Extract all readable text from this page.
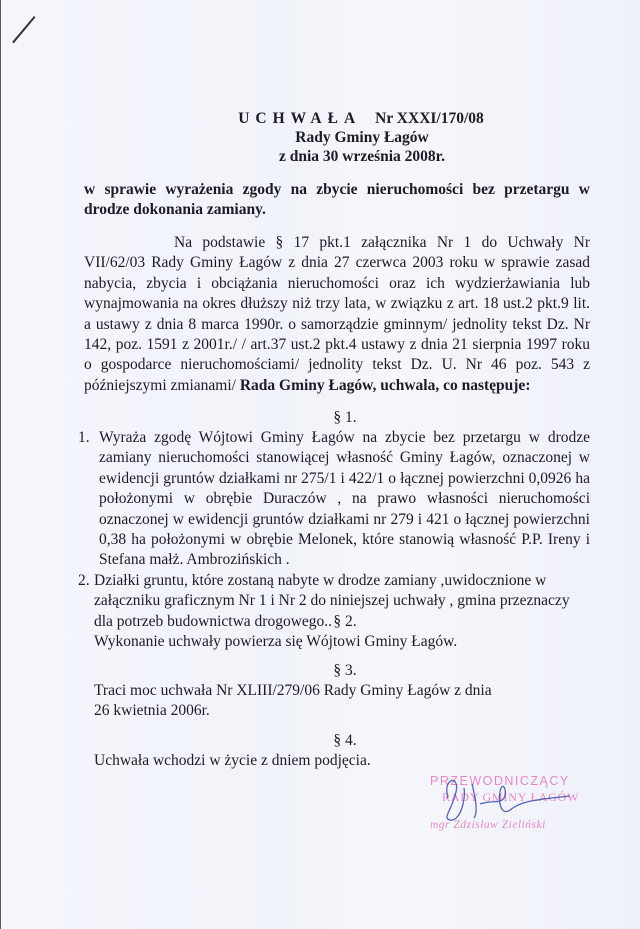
UCHWAŁA Nr XXXI/170/08
Rady Gminy Łagów
z dnia 30 września 2008r.
w sprawie wyrażenia zgody na zbycie nieruchomości bez przetargu w drodze dokonania zamiany.
Na podstawie § 17 pkt.1 załącznika Nr 1 do Uchwały Nr VII/62/03 Rady Gminy Łagów z dnia 27 czerwca 2003 roku w sprawie zasad nabycia, zbycia i obciążania nieruchomości oraz ich wydzierżawiania lub wynajmowania na okres dłuższy niż trzy lata, w związku z art. 18 ust.2 pkt.9 lit. a ustawy z dnia 8 marca 1990r. o samorządzie gminnym/ jednolity tekst Dz. Nr 142, poz. 1591 z 2001r./ / art.37 ust.2 pkt.4 ustawy z dnia 21 sierpnia 1997 roku o gospodarce nieruchomościami/ jednolity tekst Dz. U. Nr 46 poz. 543 z późniejszymi zmianami/ Rada Gminy Łagów, uchwala, co następuje:
§ 1.
1. Wyraża zgodę Wójtowi Gminy Łagów na zbycie bez przetargu w drodze zamiany nieruchomości stanowiącej własność Gminy Łagów, oznaczonej w ewidencji gruntów działkami nr 275/1 i 422/1 o łącznej powierzchni 0,0926 ha położonymi w obrębie Duraczów , na prawo własności nieruchomości oznaczonej w ewidencji gruntów działkami nr 279 i 421 o łącznej powierzchni 0,38 ha położonymi w obrębie Melonek, które stanowią własność P.P. Ireny i Stefana małż. Ambrozińskich .
2. Działki gruntu, które zostaną nabyte w drodze zamiany ,uwidocznione w załączniku graficznym Nr 1 i Nr 2 do niniejszej uchwały , gmina przeznaczy dla potrzeb budownictwa drogowego.. § 2.
Wykonanie uchwały powierza się Wójtowi Gminy Łagów.
§ 3.
Traci moc uchwała Nr XLIII/279/06 Rady Gminy Łagów z dnia
26 kwietnia 2006r.
§ 4.
Uchwała wchodzi w życie z dniem podjęcia.
PRZEWODNICZĄCY
RADY GMINY ŁAGÓW
mgr Zdzisław Zieliński
